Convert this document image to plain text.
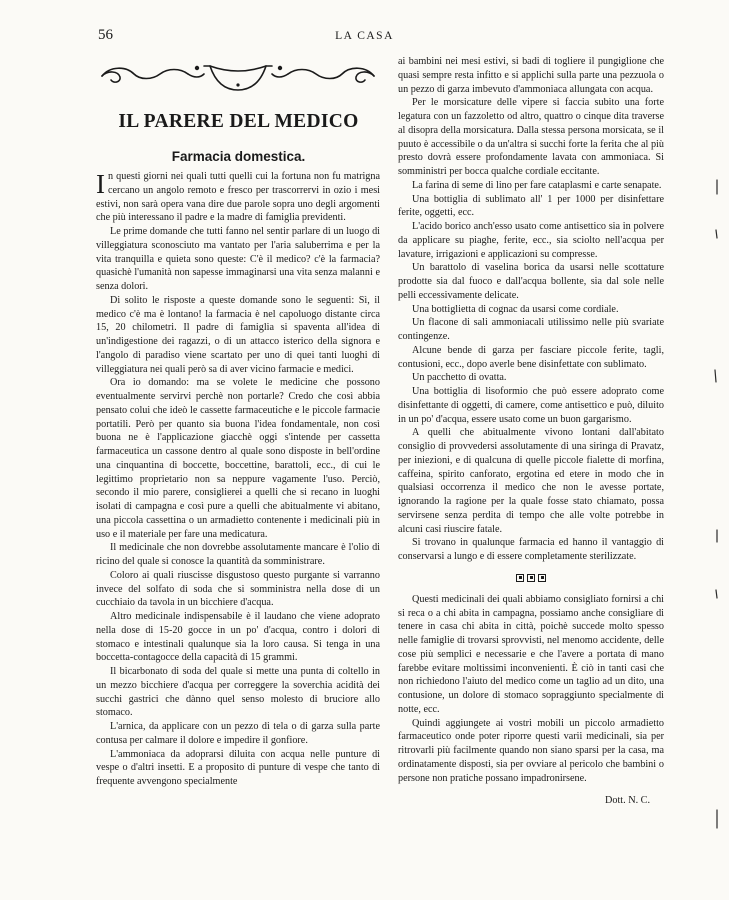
56	LA CASA
IL PARERE DEL MEDICO
Farmacia domestica.

In questi giorni nei quali tutti quelli cui la fortuna non fu matrigna cercano un angolo remoto e fresco per trascorrervi in ozio i mesi estivi, non sarà opera vana dire due parole sopra uno degli argomenti che più interessano il padre e la madre di famiglia previdenti.

Le prime domande che tutti fanno nel sentir parlare di un luogo di villeggiatura sconosciuto ma vantato per l'aria saluberrima e per la vita tranquilla e quieta sono queste: C'è il medico? c'è la farmacia? quasichè l'umanità non sapesse immaginarsi una vita senza malanni e senza dolori.

Di solito le risposte a queste domande sono le seguenti: Sì, il medico c'è ma è lontano! la farmacia è nel capoluogo distante circa 15, 20 chilometri. Il padre di famiglia si spaventa all'idea di un'indigestione dei ragazzi, o di un attacco isterico della signora e l'angolo di paradiso viene scartato per uno di quei tanti luoghi di villeggiatura nei quali però sa di aver vicino farmacie e medici.

Ora io domando: ma se volete le medicine che possono eventualmente servirvi perchè non portarle? Credo che così abbia pensato colui che ideò le cassette farmaceutiche e le piccole farmacie portatili. Però per quanto sia buona l'idea fondamentale, non così buona ne è l'applicazione giacchè oggi s'intende per cassetta farmaceutica un cassone dentro al quale sono disposte in bell'ordine una cinquantina di boccette, boccettine, barattoli, ecc., di cui le legittimo proprietario non sa neppure vagamente l'uso. Perciò, secondo il mio parere, consiglierei a quelli che si recano in luoghi isolati di campagna e così pure a quelli che abitualmente vi abitano, una piccola cassettina o un armadietto contenente i medicinali più in uso e il materiale per fare una medicatura.

Il medicinale che non dovrebbe assolutamente mancare è l'olio di ricino del quale si conosce la quantità da somministrare.

Coloro ai quali riuscisse disgustoso questo purgante si varranno invece del solfato di soda che si somministra nella dose di un cucchiaio da tavola in un bicchiere d'acqua.

Altro medicinale indispensabile è il laudano che viene adoprato nella dose di 15-20 gocce in un po' d'acqua, contro i dolori di stomaco e intestinali qualunque sia la loro causa. Si tenga in una boccetta-contagocce della capacità di 15 grammi.

Il bicarbonato di soda del quale si mette una punta di coltello in un mezzo bicchiere d'acqua per correggere la soverchia acidità dei succhi gastrici che dànno quel senso molesto di bruciore allo stomaco.

L'arnica, da applicare con un pezzo di tela o di garza sulla parte contusa per calmare il dolore e impedire il gonfiore.

L'ammoniaca da adoprarsi diluita con acqua nelle punture di vespe o d'altri insetti. E a proposito di punture di vespe che tanto di frequente avvengono specialmente

ai bambini nei mesi estivi, si badi di togliere il pungiglione che quasi sempre resta infitto e si applichi sulla parte una pezzuola o un pezzo di garza imbevuto d'ammoniaca allungata con acqua.

Per le morsicature delle vipere si faccia subito una forte legatura con un fazzoletto od altro, quattro o cinque dita traverse al disopra della morsicatura. Dalla stessa persona morsicata, se il puuto è accessibile o da un'altra si succhi forte la ferita che al più presto dovrà essere profondamente lavata con ammoniaca. Si somministri per bocca qualche cordiale eccitante.

La farina di seme di lino per fare cataplasmi e carte senapate.

Una bottiglia di sublimato all' 1 per 1000 per disinfettare ferite, oggetti, ecc.

L'acido borico anch'esso usato come antisettico sia in polvere da applicare su piaghe, ferite, ecc., sia sciolto nell'acqua per lavature, irrigazioni e applicazioni su compresse.

Un barattolo di vaselina borica da usarsi nelle scottature prodotte sia dal fuoco e dall'acqua bollente, sia dal sole nelle pelli eccessivamente delicate.

Una bottiglietta di cognac da usarsi come cordiale.

Un flacone di sali ammoniacali utilissimo nelle più svariate contingenze.

Alcune bende di garza per fasciare piccole ferite, tagli, contusioni, ecc., dopo averle bene disinfettate con sublimato.

Un pacchetto di ovatta.

Una bottiglia di lisoformio che può essere adoprato come disinfettante di oggetti, di camere, come antisettico e può, diluito in un po' d'acqua, essere usato come un buon gargarismo.

A quelli che abitualmente vivono lontani dall'abitato consiglio di provvedersi assolutamente di una siringa di Pravatz, per iniezioni, e di qualcuna di quelle piccole fialette di morfina, caffeina, spirito canforato, ergotina ed etere in modo che in qualsiasi occorrenza il medico che non le avesse portate, ignorando la ragione per la quale fosse stato chiamato, possa servirsene senza perdita di tempo che alle volte potrebbe in alcuni casi riuscire fatale.

Si trovano in qualunque farmacia ed hanno il vantaggio di conservarsi a lungo e di essere completamente sterilizzate.

Questi medicinali dei quali abbiamo consigliato fornirsi a chi si reca o a chi abita in campagna, possiamo anche consigliare di tenere in casa chi abita in città, poichè succede molto spesso nelle famiglie di trovarsi sprovvisti, nel menomo accidente, delle cose più semplici e necessarie e che l'avere a portata di mano farebbe evitare moltissimi inconvenienti. È ciò in tanti casi che non richiedono l'aiuto del medico come un taglio ad un dito, una contusione, un dolore di stomaco sopraggiunto specialmente di notte, ecc.

Quindi aggiungete ai vostri mobili un piccolo armadietto farmaceutico onde poter riporre questi varii medicinali, sia per ritrovarli più facilmente quando non siano sparsi per la casa, ma ordinatamente disposti, sia per ovviare al pericolo che bambini o persone non pratiche possano impadronirsene.

Dott. N. C.
